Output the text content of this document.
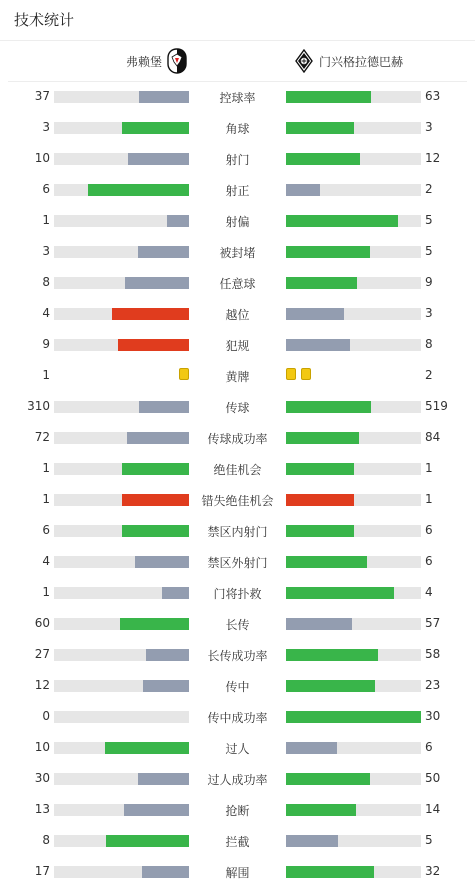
技术统计
弗赖堡	门兴格拉德巴赫
37	控球率	63
3	角球	3
10	射门	12
6	射正	2
1	射偏	5
3	被封堵	5
8	任意球	9
4	越位	3
9	犯规	8
1	黄牌	2
310	传球	519
72	传球成功率	84
1	绝佳机会	1
1	错失绝佳机会	1
6	禁区内射门	6
4	禁区外射门	6
1	门将扑救	4
60	长传	57
27	长传成功率	58
12	传中	23
0	传中成功率	30
10	过人	6
30	过人成功率	50
13	抢断	14
8	拦截	5
17	解围	32
